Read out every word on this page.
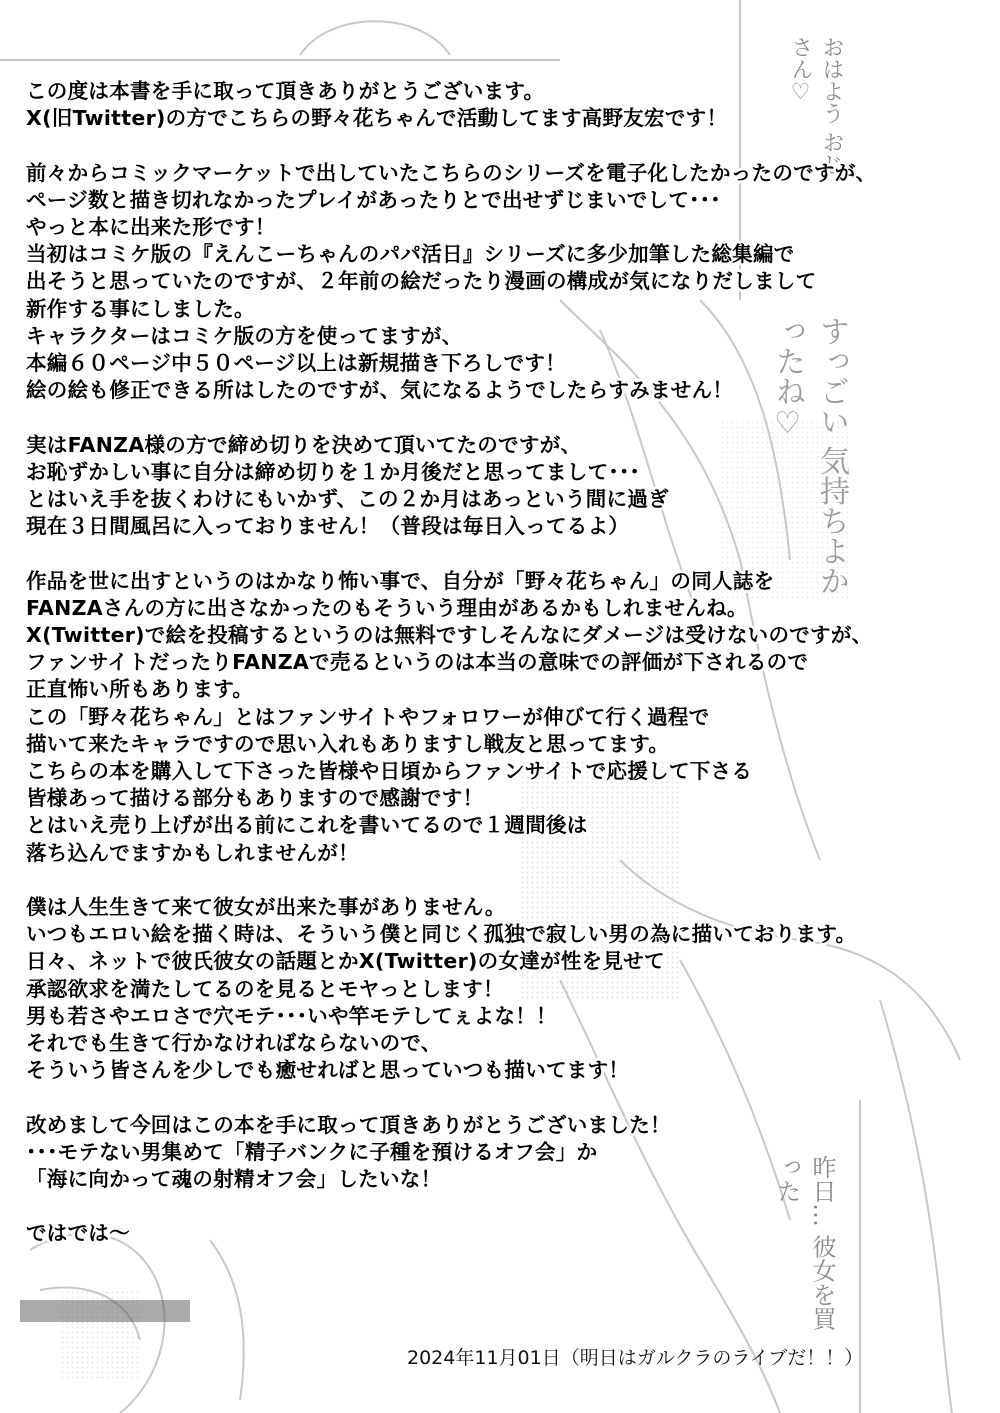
おはよう おじさん♡
すっごい 気持ちよかったね♡
昨日… 彼女を買った
この度は本書を手に取って頂きありがとうございます。
X(旧Twitter)の方でこちらの野々花ちゃんで活動してます高野友宏です！
前々からコミックマーケットで出していたこちらのシリーズを電子化したかったのですが、
ページ数と描き切れなかったプレイがあったりとで出せずじまいでして･･･
やっと本に出来た形です！
当初はコミケ版の『えんこーちゃんのパパ活日』シリーズに多少加筆した総集編で
出そうと思っていたのですが、２年前の絵だったり漫画の構成が気になりだしまして
新作する事にしました。
キャラクターはコミケ版の方を使ってますが、
本編６０ページ中５０ページ以上は新規描き下ろしです！
絵の絵も修正できる所はしたのですが、気になるようでしたらすみません！
実はFANZA様の方で締め切りを決めて頂いてたのですが、
お恥ずかしい事に自分は締め切りを１か月後だと思ってまして･･･
とはいえ手を抜くわけにもいかず、この２か月はあっという間に過ぎ
現在３日間風呂に入っておりません！（普段は毎日入ってるよ）
作品を世に出すというのはかなり怖い事で、自分が「野々花ちゃん」の同人誌を
FANZAさんの方に出さなかったのもそういう理由があるかもしれませんね。
X(Twitter)で絵を投稿するというのは無料ですしそんなにダメージは受けないのですが、
ファンサイトだったりFANZAで売るというのは本当の意味での評価が下されるので
正直怖い所もあります。
この「野々花ちゃん」とはファンサイトやフォロワーが伸びて行く過程で
描いて来たキャラですので思い入れもありますし戦友と思ってます。
こちらの本を購入して下さった皆様や日頃からファンサイトで応援して下さる
皆様あって描ける部分もありますので感謝です！
とはいえ売り上げが出る前にこれを書いてるので１週間後は
落ち込んでますかもしれませんが！
僕は人生生きて来て彼女が出来た事がありません。
いつもエロい絵を描く時は、そういう僕と同じく孤独で寂しい男の為に描いております。
日々、ネットで彼氏彼女の話題とかX(Twitter)の女達が性を見せて
承認欲求を満たしてるのを見るとモヤっとします！
男も若さやエロさで穴モテ･･･いや竿モテしてぇよな！！
それでも生きて行かなければならないので、
そういう皆さんを少しでも癒せればと思っていつも描いてます！
改めまして今回はこの本を手に取って頂きありがとうございました！
･･･モテない男集めて「精子バンクに子種を預けるオフ会」か
「海に向かって魂の射精オフ会」したいな！
ではでは〜
2024年11月01日（明日はガルクラのライブだ！！）
